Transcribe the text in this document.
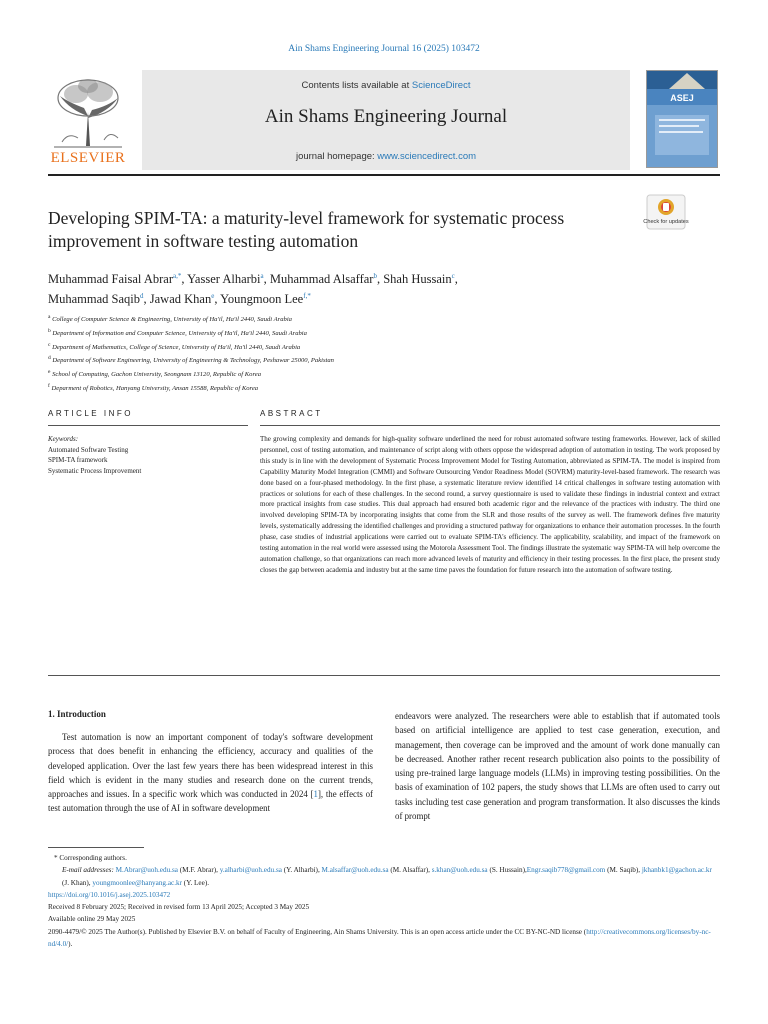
Ain Shams Engineering Journal 16 (2025) 103472
Contents lists available at ScienceDirect
Ain Shams Engineering Journal
journal homepage: www.sciencedirect.com
ELSEVIER
ASEJ
Developing SPIM-TA: a maturity-level framework for systematic process improvement in software testing automation
Check for updates
Muhammad Faisal Abrar$^{a,*}$, Yasser Alharbi$^a$, Muhammad Alsaffar$^b$, Shah Hussain$^c$,
Muhammad Saqib$^d$, Jawad Khan$^e$, Youngmoon Lee$^{f,*}$
$^a$ College of Computer Science & Engineering, University of Ha'il, Ha'il 2440, Saudi Arabia
$^b$ Department of Information and Computer Science, University of Ha'il, Ha'il 2440, Saudi Arabia
$^c$ Department of Mathematics, College of Science, University of Ha'il, Ha'il 2440, Saudi Arabia
$^d$ Department of Software Engineering, University of Engineering & Technology, Peshawar 25000, Pakistan
$^e$ School of Computing, Gachon University, Seongnam 13120, Republic of Korea
$^f$ Deparment of Robotics, Hanyang University, Ansan 15588, Republic of Korea
ARTICLE INFO	ABSTRACT
Keywords:
Automated Software Testing
SPIM-TA framework
Systematic Process Improvement
The growing complexity and demands for high-quality software underlined the need for robust automated software testing frameworks. However, lack of skilled personnel, cost of testing automation, and maintenance of script along with others oppose the widespread adoption of automation in testing. The work proposed by this study is in line with the development of Systematic Process Improvement Model for Testing Automation, abbreviated as SPIM-TA. The model is inspired from Capability Maturity Model Integration (CMMI) and Software Outsourcing Vendor Readiness Model (SOVRM) maturity-level-based framework. The research was done based on a four-phased methodology. In the first phase, a systematic literature review identified 14 critical challenges in software testing automation with practices or solutions for each of these challenges. In the second round, a survey questionnaire is used to validate these findings in industrial context and extract more practical insights from case studies. This dual approach had ensured both academic rigor and the relevance of the practices with industry. The third one involved developing SPIM-TA by incorporating insights that come from the SLR and those results of the survey as well. The framework defines five maturity levels, systematically addressing the identified challenges and providing a structured pathway for organizations to enhance their automation processes. In the fourth phase, case studies of industrial applications were carried out to evaluate SPIM-TA's efficiency. The applicability, scalability, and impact of the framework on testing automation in the real world were assessed using the Motorola Assessment Tool. The findings illustrate the systematic way SPIM-TA will help overcome the automation challenge, so that organizations can reach more advanced levels of maturity and efficiency in their testing processes. In the first place, the present study closes the gap between academia and industry but at the same time paves the foundation for future research into the automation of software testing.
1. Introduction
Test automation is now an important component of today's software development process that does benefit in enhancing the efficiency, accuracy and qualities of the developed application. Over the last few years there has been widespread interest in this field which is evident in the many studies and research done on the current trends, approaches and issues. In a specific work which was conducted in 2024 [1], the effects of test automation through the use of AI in software development
endeavors were analyzed. The researchers were able to establish that if automated tools based on artificial intelligence are applied to test case generation, execution, and management, then coverage can be improved and the amount of work done manually can be decreased. Another rather recent research publication also points to the possibility of using pre-trained large language models (LLMs) in improving testing possibilities. On the basis of examination of 102 papers, the study shows that LLMs are often used to carry out tasks including test case generation and program transformation. It also discusses the kinds of prompt
* Corresponding authors.
E-mail addresses: M.Abrar@uoh.edu.sa (M.F. Abrar), y.alharbi@uoh.edu.sa (Y. Alharbi), M.alsaffar@uoh.edu.sa (M. Alsaffar), s.khan@uoh.edu.sa (S. Hussain),Engr.saqib778@gmail.com (M. Saqib), jkhanbk1@gachon.ac.kr (J. Khan), youngmoonlee@hanyang.ac.kr (Y. Lee).
https://doi.org/10.1016/j.asej.2025.103472
Received 8 February 2025; Received in revised form 13 April 2025; Accepted 3 May 2025
Available online 29 May 2025
2090-4479/© 2025 The Author(s). Published by Elsevier B.V. on behalf of Faculty of Engineering, Ain Shams University. This is an open access article under the CC BY-NC-ND license (http://creativecommons.org/licenses/by-nc-nd/4.0/).
